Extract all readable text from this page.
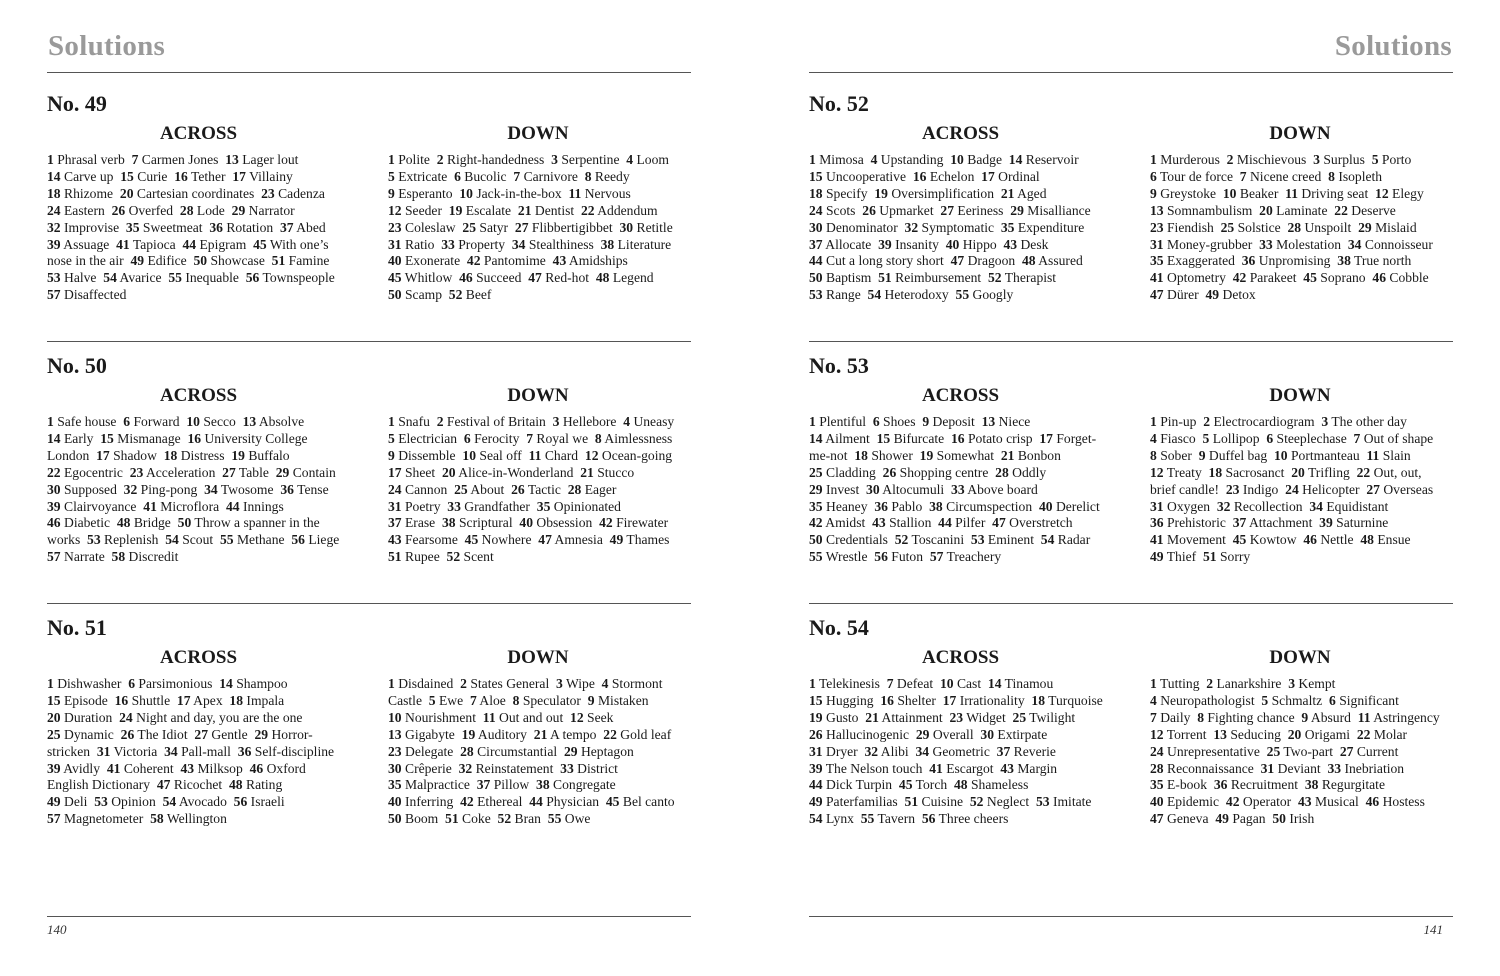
Solutions
No. 49
ACROSS
1 Phrasal verb 7 Carmen Jones 13 Lager lout
14 Carve up 15 Curie 16 Tether 17 Villainy
18 Rhizome 20 Cartesian coordinates 23 Cadenza
24 Eastern 26 Overfed 28 Lode 29 Narrator
32 Improvise 35 Sweetmeat 36 Rotation 37 Abed
39 Assuage 41 Tapioca 44 Epigram 45 With one’s
nose in the air 49 Edifice 50 Showcase 51 Famine
53 Halve 54 Avarice 55 Inequable 56 Townspeople
57 Disaffected
DOWN
1 Polite 2 Right-handedness 3 Serpentine 4 Loom
5 Extricate 6 Bucolic 7 Carnivore 8 Reedy
9 Esperanto 10 Jack-in-the-box 11 Nervous
12 Seeder 19 Escalate 21 Dentist 22 Addendum
23 Coleslaw 25 Satyr 27 Flibbertigibbet 30 Retitle
31 Ratio 33 Property 34 Stealthiness 38 Literature
40 Exonerate 42 Pantomime 43 Amidships
45 Whitlow 46 Succeed 47 Red-hot 48 Legend
50 Scamp 52 Beef
No. 50
ACROSS
1 Safe house 6 Forward 10 Secco 13 Absolve
14 Early 15 Mismanage 16 University College
London 17 Shadow 18 Distress 19 Buffalo
22 Egocentric 23 Acceleration 27 Table 29 Contain
30 Supposed 32 Ping-pong 34 Twosome 36 Tense
39 Clairvoyance 41 Microflora 44 Innings
46 Diabetic 48 Bridge 50 Throw a spanner in the
works 53 Replenish 54 Scout 55 Methane 56 Liege
57 Narrate 58 Discredit
DOWN
1 Snafu 2 Festival of Britain 3 Hellebore 4 Uneasy
5 Electrician 6 Ferocity 7 Royal we 8 Aimlessness
9 Dissemble 10 Seal off 11 Chard 12 Ocean-going
17 Sheet 20 Alice-in-Wonderland 21 Stucco
24 Cannon 25 About 26 Tactic 28 Eager
31 Poetry 33 Grandfather 35 Opinionated
37 Erase 38 Scriptural 40 Obsession 42 Firewater
43 Fearsome 45 Nowhere 47 Amnesia 49 Thames
51 Rupee 52 Scent
No. 51
ACROSS
1 Dishwasher 6 Parsimonious 14 Shampoo
15 Episode 16 Shuttle 17 Apex 18 Impala
20 Duration 24 Night and day, you are the one
25 Dynamic 26 The Idiot 27 Gentle 29 Horror-
stricken 31 Victoria 34 Pall-mall 36 Self-discipline
39 Avidly 41 Coherent 43 Milksop 46 Oxford
English Dictionary 47 Ricochet 48 Rating
49 Deli 53 Opinion 54 Avocado 56 Israeli
57 Magnetometer 58 Wellington
DOWN
1 Disdained 2 States General 3 Wipe 4 Stormont
Castle 5 Ewe 7 Aloe 8 Speculator 9 Mistaken
10 Nourishment 11 Out and out 12 Seek
13 Gigabyte 19 Auditory 21 A tempo 22 Gold leaf
23 Delegate 28 Circumstantial 29 Heptagon
30 Crêperie 32 Reinstatement 33 District
35 Malpractice 37 Pillow 38 Congregate
40 Inferring 42 Ethereal 44 Physician 45 Bel canto
50 Boom 51 Coke 52 Bran 55 Owe
140
Solutions
No. 52
ACROSS
1 Mimosa 4 Upstanding 10 Badge 14 Reservoir
15 Uncooperative 16 Echelon 17 Ordinal
18 Specify 19 Oversimplification 21 Aged
24 Scots 26 Upmarket 27 Eeriness 29 Misalliance
30 Denominator 32 Symptomatic 35 Expenditure
37 Allocate 39 Insanity 40 Hippo 43 Desk
44 Cut a long story short 47 Dragoon 48 Assured
50 Baptism 51 Reimbursement 52 Therapist
53 Range 54 Heterodoxy 55 Googly
DOWN
1 Murderous 2 Mischievous 3 Surplus 5 Porto
6 Tour de force 7 Nicene creed 8 Isopleth
9 Greystoke 10 Beaker 11 Driving seat 12 Elegy
13 Somnambulism 20 Laminate 22 Deserve
23 Fiendish 25 Solstice 28 Unspoilt 29 Mislaid
31 Money-grubber 33 Molestation 34 Connoisseur
35 Exaggerated 36 Unpromising 38 True north
41 Optometry 42 Parakeet 45 Soprano 46 Cobble
47 Dürer 49 Detox
No. 53
ACROSS
1 Plentiful 6 Shoes 9 Deposit 13 Niece
14 Ailment 15 Bifurcate 16 Potato crisp 17 Forget-
me-not 18 Shower 19 Somewhat 21 Bonbon
25 Cladding 26 Shopping centre 28 Oddly
29 Invest 30 Altocumuli 33 Above board
35 Heaney 36 Pablo 38 Circumspection 40 Derelict
42 Amidst 43 Stallion 44 Pilfer 47 Overstretch
50 Credentials 52 Toscanini 53 Eminent 54 Radar
55 Wrestle 56 Futon 57 Treachery
DOWN
1 Pin-up 2 Electrocardiogram 3 The other day
4 Fiasco 5 Lollipop 6 Steeplechase 7 Out of shape
8 Sober 9 Duffel bag 10 Portmanteau 11 Slain
12 Treaty 18 Sacrosanct 20 Trifling 22 Out, out,
brief candle! 23 Indigo 24 Helicopter 27 Overseas
31 Oxygen 32 Recollection 34 Equidistant
36 Prehistoric 37 Attachment 39 Saturnine
41 Movement 45 Kowtow 46 Nettle 48 Ensue
49 Thief 51 Sorry
No. 54
ACROSS
1 Telekinesis 7 Defeat 10 Cast 14 Tinamou
15 Hugging 16 Shelter 17 Irrationality 18 Turquoise
19 Gusto 21 Attainment 23 Widget 25 Twilight
26 Hallucinogenic 29 Overall 30 Extirpate
31 Dryer 32 Alibi 34 Geometric 37 Reverie
39 The Nelson touch 41 Escargot 43 Margin
44 Dick Turpin 45 Torch 48 Shameless
49 Paterfamilias 51 Cuisine 52 Neglect 53 Imitate
54 Lynx 55 Tavern 56 Three cheers
DOWN
1 Tutting 2 Lanarkshire 3 Kempt
4 Neuropathologist 5 Schmaltz 6 Significant
7 Daily 8 Fighting chance 9 Absurd 11 Astringency
12 Torrent 13 Seducing 20 Origami 22 Molar
24 Unrepresentative 25 Two-part 27 Current
28 Reconnaissance 31 Deviant 33 Inebriation
35 E-book 36 Recruitment 38 Regurgitate
40 Epidemic 42 Operator 43 Musical 46 Hostess
47 Geneva 49 Pagan 50 Irish
141
